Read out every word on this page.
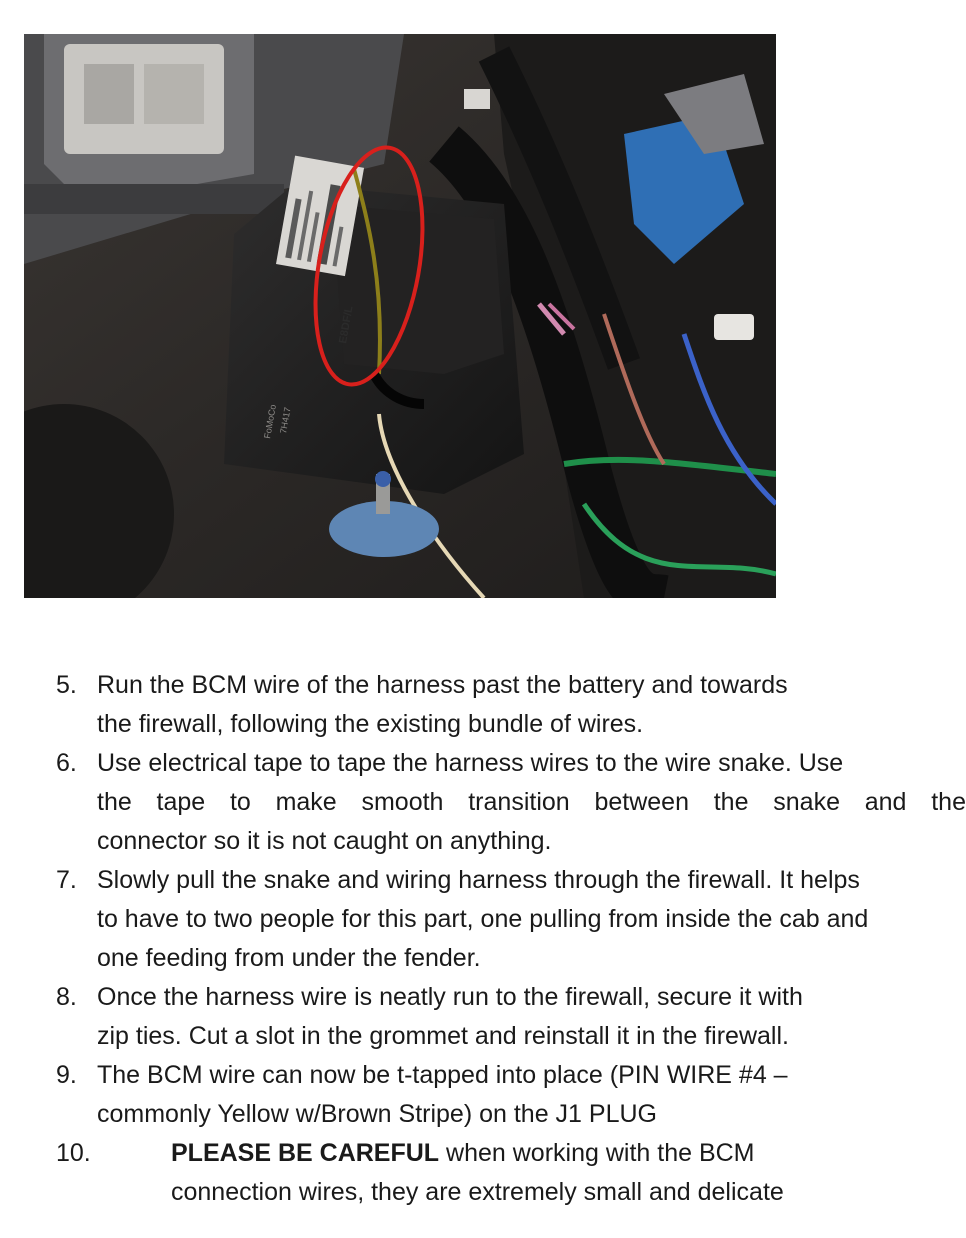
E8DF/L
FoMoCo 7H417
5. Run the BCM wire of the harness past the battery and towards
the firewall, following the existing bundle of wires.
6. Use electrical tape to tape the harness wires to the wire snake. Use
the tape to make smooth transition between the snake and the
connector so it is not caught on anything.
7. Slowly pull the snake and wiring harness through the firewall. It helps
to have to two people for this part, one pulling from inside the cab and
one feeding from under the fender.
8. Once the harness wire is neatly run to the firewall, secure it with
zip ties. Cut a slot in the grommet and reinstall it in the firewall.
9. The BCM wire can now be t-tapped into place (PIN WIRE #4 –
commonly Yellow w/Brown Stripe) on the J1 PLUG
10.	PLEASE BE CAREFUL when working with the BCM
connection wires, they are extremely small and delicate
